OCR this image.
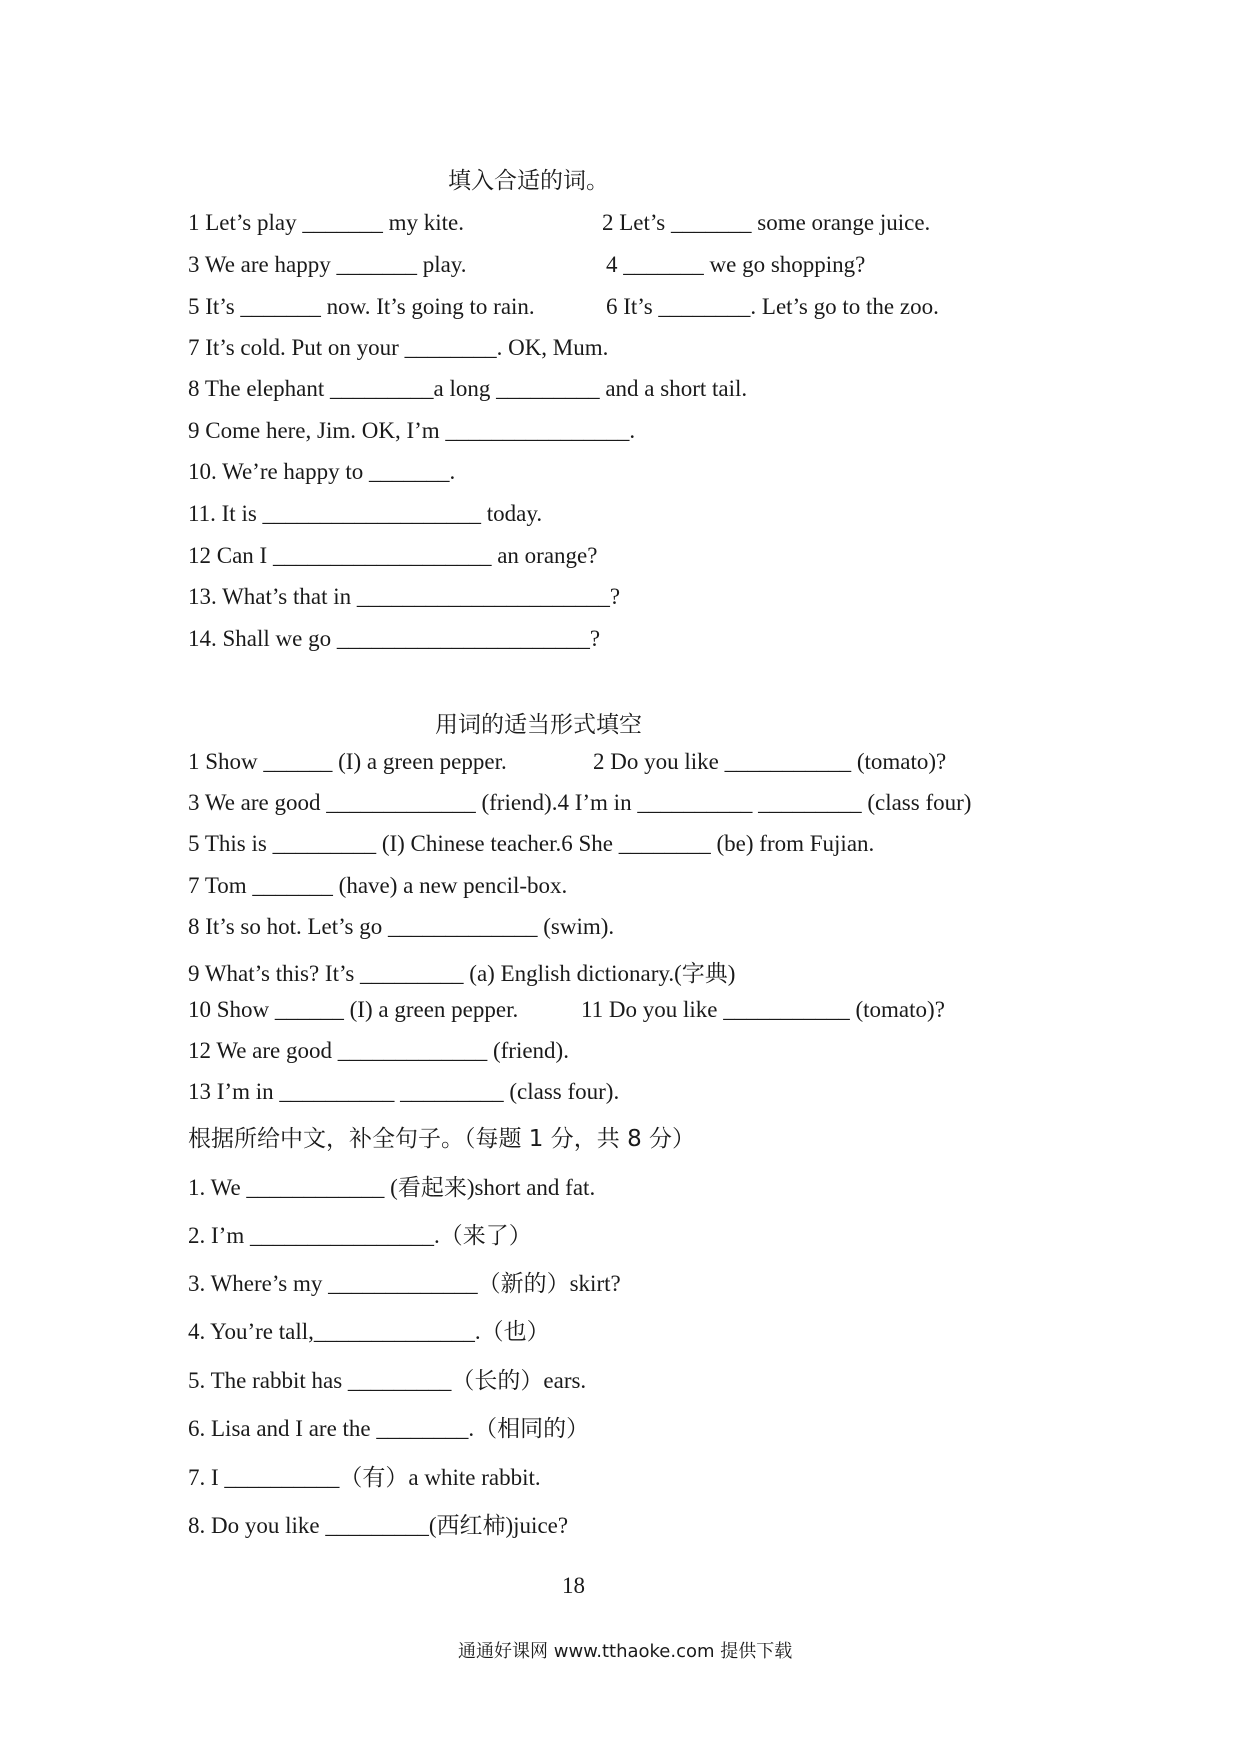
填入合适的词。
1 Let’s play _______ my kite.	2 Let’s _______ some orange juice.
3 We are happy _______ play.	4 _______ we go shopping?
5 It’s _______ now. It’s going to rain.	6 It’s ________. Let’s go to the zoo.
7 It’s cold. Put on your ________. OK, Mum.
8 The elephant _________a long _________ and a short tail.
9 Come here, Jim. OK, I’m ________________.
10. We’re happy to _______.
11. It is ___________________ today.
12 Can I ___________________ an orange?
13. What’s that in ______________________?
14. Shall we go ______________________?
用词的适当形式填空
1 Show ______ (I) a green pepper.	2 Do you like ___________ (tomato)?
3 We are good _____________ (friend).4 I’m in __________ _________ (class four)
5 This is _________ (I) Chinese teacher.6 She ________ (be) from Fujian.
7 Tom _______ (have) a new pencil-box.
8 It’s so hot. Let’s go _____________ (swim).
9 What’s this? It’s _________ (a) English dictionary.(字典)
10 Show ______ (I) a green pepper.	11 Do you like ___________ (tomato)?
12 We are good _____________ (friend).
13 I’m in __________ _________ (class four).
根据所给中文，补全句子。（每题 1 分，共 8 分）
1. We ____________ (看起来)short and fat.
2. I’m ________________.（来了）
3. Where’s my _____________（新的）skirt?
4. You’re tall,______________.（也）
5. The rabbit has _________（长的）ears.
6. Lisa and I are the ________.（相同的）
7. I __________（有）a white rabbit.
8. Do you like _________(西红柿)juice?
18
通通好课网 www.tthaoke.com 提供下载
